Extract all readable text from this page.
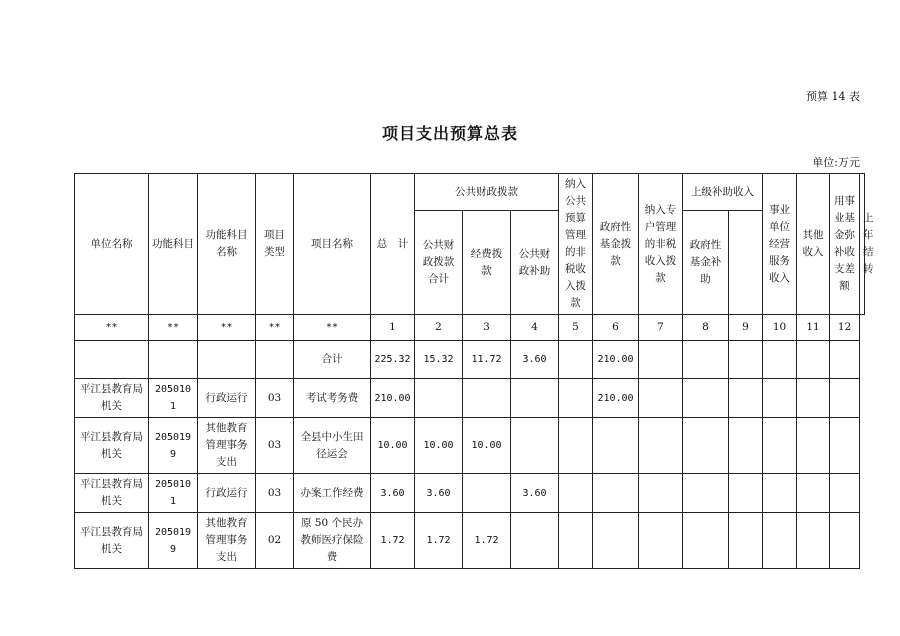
预算 14 表
项目支出预算总表
单位:万元
单位名称	功能科目	功能科目名称	项目类型	项目名称	总　计	公共财政拨款			纳入公共预算管理的非税收入拨款	政府性基金拨款	纳入专户管理的非税收入拨款	上级补助收入		事业单位经营服务收入	其他收入	用事业基金弥补收支差额	上年结转
						公共财政拨款合计	经费拨款	公共财政补助				政府性基金补助					
**	**	**	**	**	1	2	3	4	5	6	7	8	9	10	11	12	
				合计	225.32	15.32	11.72	3.60		210.00							
平江县教育局机关	2050101	行政运行	03	考试考务费	210.00					210.00							
平江县教育局机关	2050199	其他教育管理事务支出	03	全县中小生田径运会	10.00	10.00	10.00										
平江县教育局机关	2050101	行政运行	03	办案工作经费	3.60	3.60		3.60									
平江县教育局机关	2050199	其他教育管理事务支出	02	原 50 个民办教师医疗保险费	1.72	1.72	1.72										
